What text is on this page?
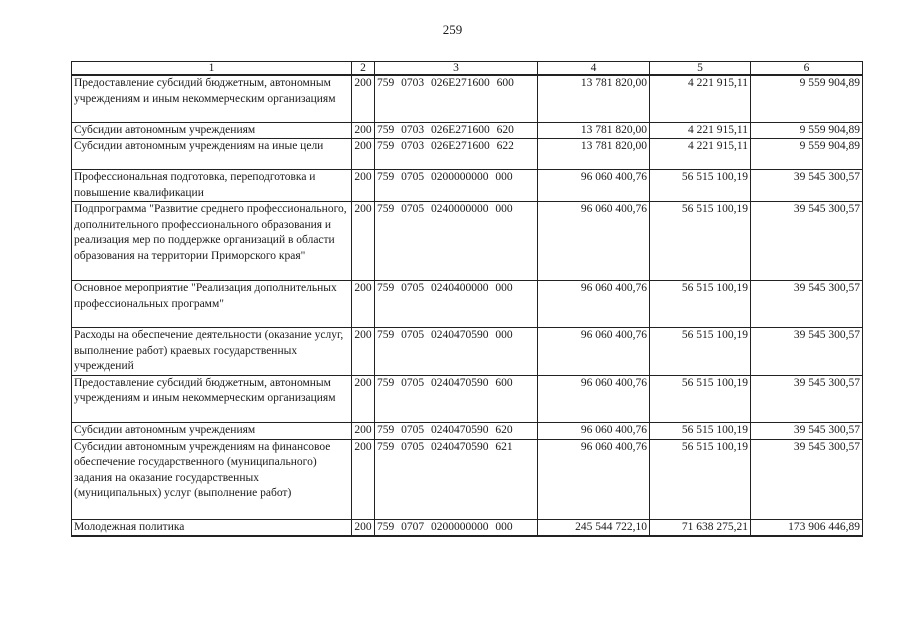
259
1	2	3	4	5	6
Предоставление субсидий бюджетным, автономным учреждениям и иным некоммерческим организациям	200	759 0703 026E271600 600	13 781 820,00	4 221 915,11	9 559 904,89
Субсидии автономным учреждениям	200	759 0703 026E271600 620	13 781 820,00	4 221 915,11	9 559 904,89
Субсидии автономным учреждениям на иные цели	200	759 0703 026E271600 622	13 781 820,00	4 221 915,11	9 559 904,89
Профессиональная подготовка, переподготовка и повышение квалификации	200	759 0705 0200000000 000	96 060 400,76	56 515 100,19	39 545 300,57
Подпрограмма "Развитие среднего профессионального, дополнительного профессионального образования и реализация мер по поддержке организаций в области образования на территории Приморского края"	200	759 0705 0240000000 000	96 060 400,76	56 515 100,19	39 545 300,57
Основное мероприятие "Реализация дополнительных профессиональных программ"	200	759 0705 0240400000 000	96 060 400,76	56 515 100,19	39 545 300,57
Расходы на обеспечение деятельности (оказание услуг, выполнение работ) краевых государственных учреждений	200	759 0705 0240470590 000	96 060 400,76	56 515 100,19	39 545 300,57
Предоставление субсидий бюджетным, автономным учреждениям и иным некоммерческим организациям	200	759 0705 0240470590 600	96 060 400,76	56 515 100,19	39 545 300,57
Субсидии автономным учреждениям	200	759 0705 0240470590 620	96 060 400,76	56 515 100,19	39 545 300,57
Субсидии автономным учреждениям на финансовое обеспечение государственного (муниципального) задания на оказание государственных (муниципальных) услуг (выполнение работ)	200	759 0705 0240470590 621	96 060 400,76	56 515 100,19	39 545 300,57
Молодежная политика	200	759 0707 0200000000 000	245 544 722,10	71 638 275,21	173 906 446,89
